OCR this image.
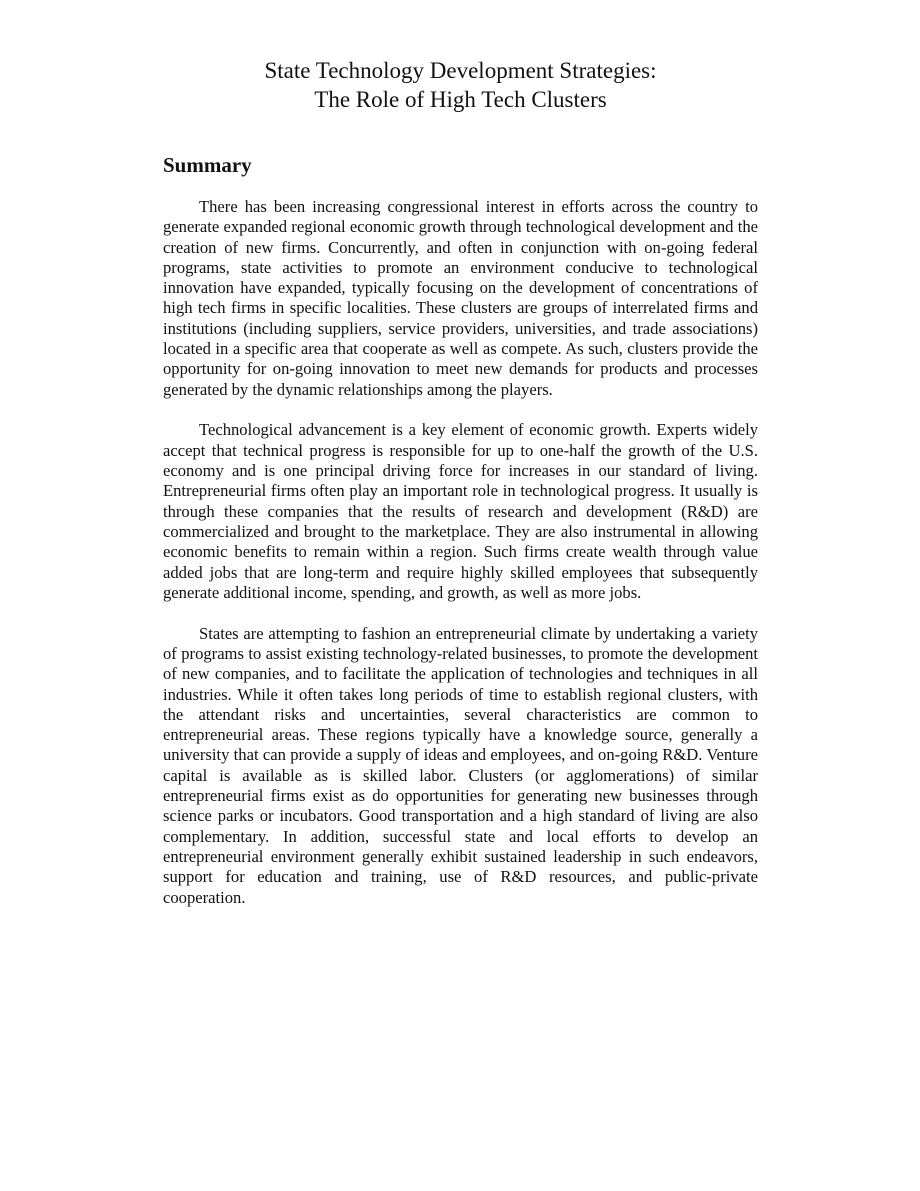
State Technology Development Strategies:
The Role of High Tech Clusters
Summary

There has been increasing congressional interest in efforts across the country to generate expanded regional economic growth through technological development and the creation of new firms. Concurrently, and often in conjunction with on-going federal programs, state activities to promote an environment conducive to technological innovation have expanded, typically focusing on the development of concentrations of high tech firms in specific localities. These clusters are groups of interrelated firms and institutions (including suppliers, service providers, universities, and trade associations) located in a specific area that cooperate as well as compete. As such, clusters provide the opportunity for on-going innovation to meet new demands for products and processes generated by the dynamic relationships among the players.

Technological advancement is a key element of economic growth. Experts widely accept that technical progress is responsible for up to one-half the growth of the U.S. economy and is one principal driving force for increases in our standard of living. Entrepreneurial firms often play an important role in technological progress. It usually is through these companies that the results of research and development (R&D) are commercialized and brought to the marketplace. They are also instrumental in allowing economic benefits to remain within a region. Such firms create wealth through value added jobs that are long-term and require highly skilled employees that subsequently generate additional income, spending, and growth, as well as more jobs.

States are attempting to fashion an entrepreneurial climate by undertaking a variety of programs to assist existing technology-related businesses, to promote the development of new companies, and to facilitate the application of technologies and techniques in all industries. While it often takes long periods of time to establish regional clusters, with the attendant risks and uncertainties, several characteristics are common to entrepreneurial areas. These regions typically have a knowledge source, generally a university that can provide a supply of ideas and employees, and on-going R&D. Venture capital is available as is skilled labor. Clusters (or agglomerations) of similar entrepreneurial firms exist as do opportunities for generating new businesses through science parks or incubators. Good transportation and a high standard of living are also complementary. In addition, successful state and local efforts to develop an entrepreneurial environment generally exhibit sustained leadership in such endeavors, support for education and training, use of R&D resources, and public-private cooperation.
